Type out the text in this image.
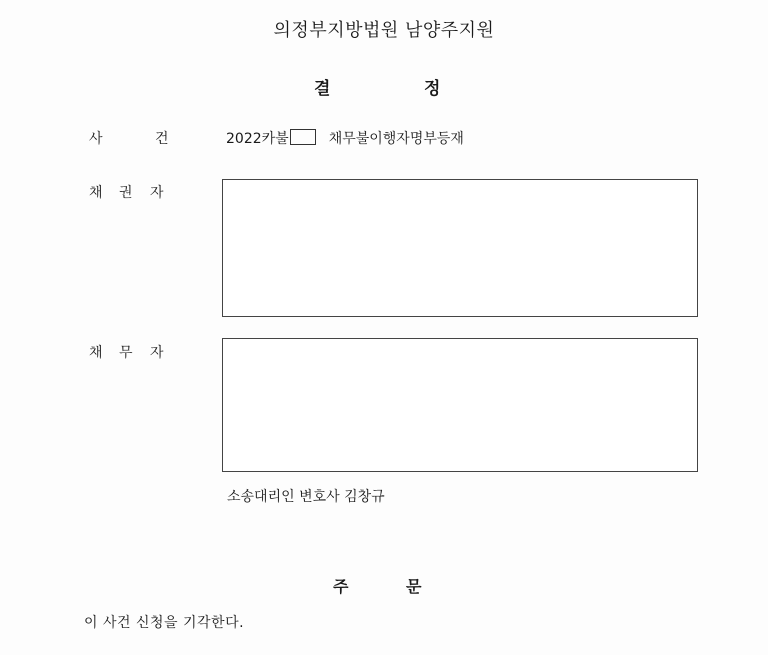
의정부지방법원 남양주지원
결	정
사	건	2022카불	채무불이행자명부등재
채 권 자
채 무 자
소송대리인 변호사 김창규
주	문
이 사건 신청을 기각한다.
